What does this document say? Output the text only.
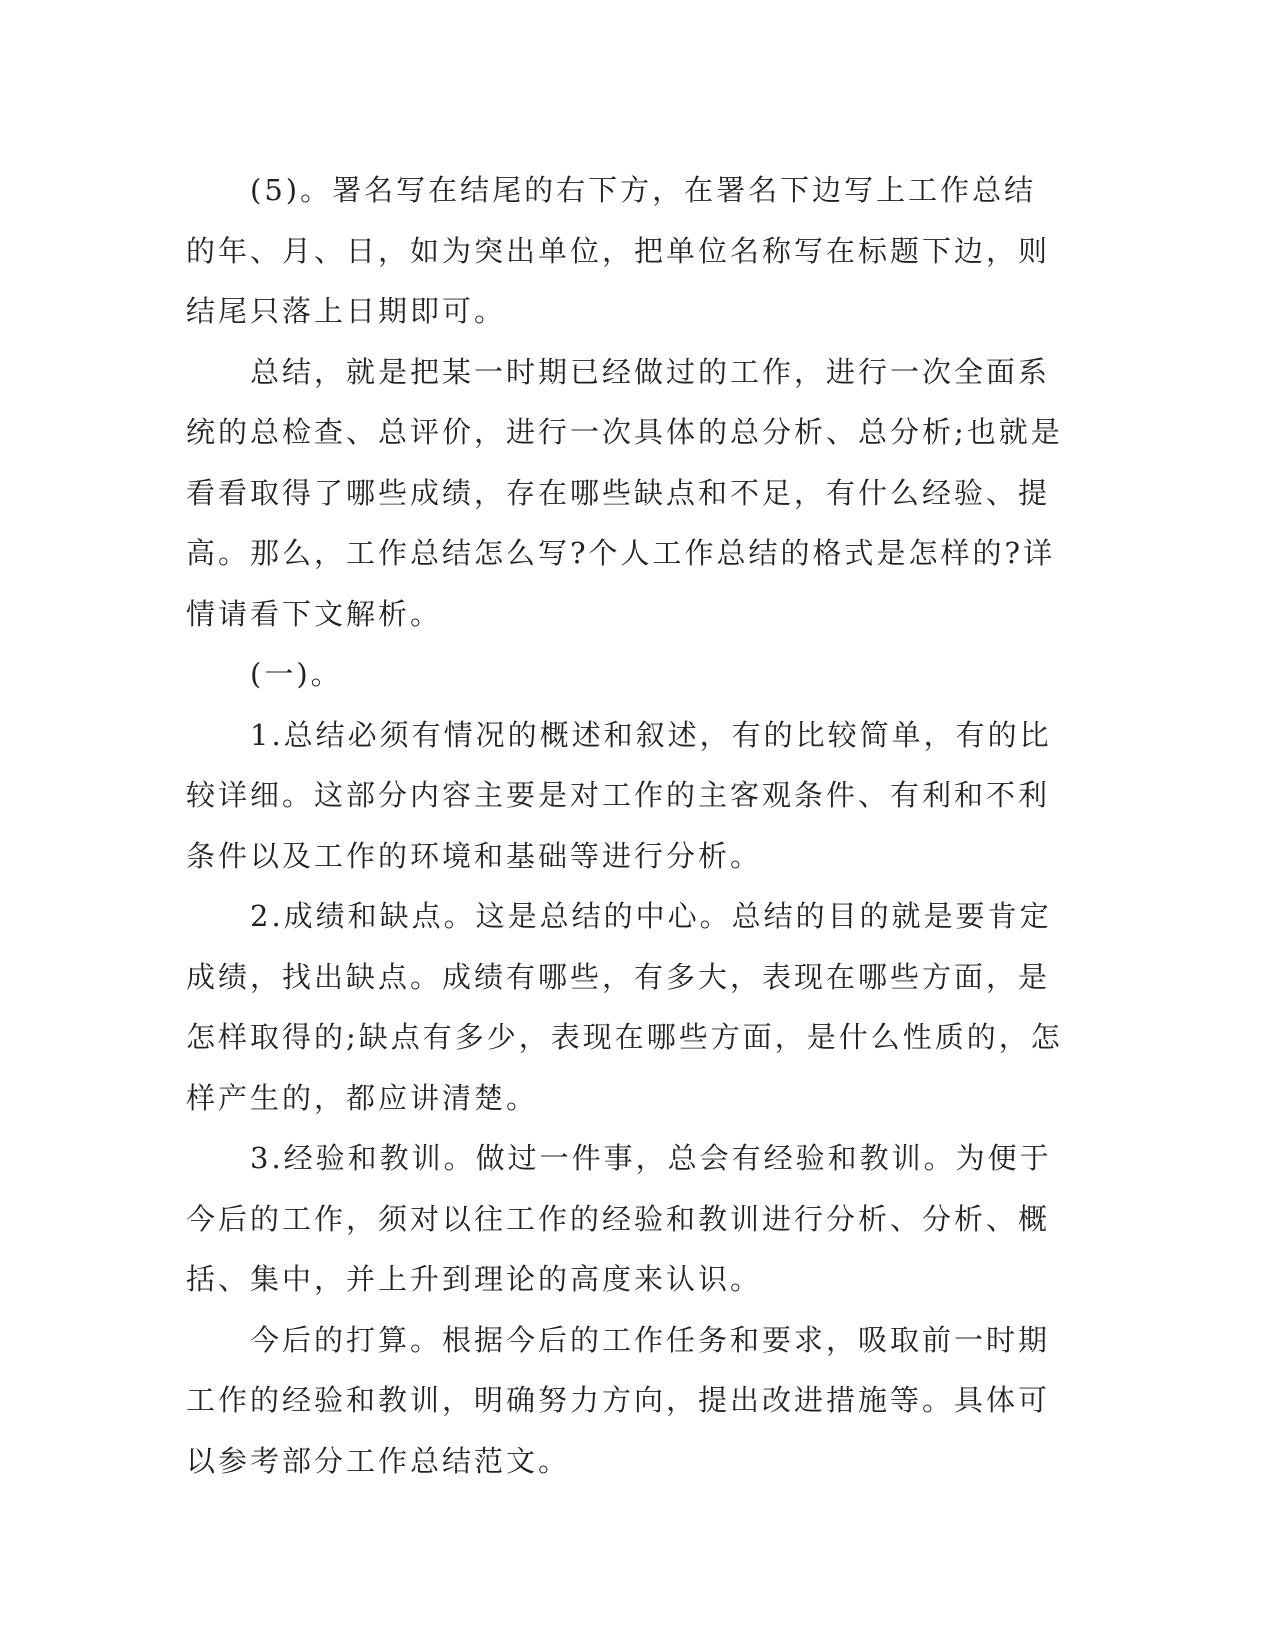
　　(5)。署名写在结尾的右下方，在署名下边写上工作总结的年、月、日，如为突出单位，把单位名称写在标题下边，则结尾只落上日期即可。

　　总结，就是把某一时期已经做过的工作，进行一次全面系统的总检查、总评价，进行一次具体的总分析、总分析;也就是看看取得了哪些成绩，存在哪些缺点和不足，有什么经验、提高。那么，工作总结怎么写?个人工作总结的格式是怎样的?详情请看下文解析。

　　(一)。

　　1.总结必须有情况的概述和叙述，有的比较简单，有的比较详细。这部分内容主要是对工作的主客观条件、有利和不利条件以及工作的环境和基础等进行分析。

　　2.成绩和缺点。这是总结的中心。总结的目的就是要肯定成绩，找出缺点。成绩有哪些，有多大，表现在哪些方面，是怎样取得的;缺点有多少，表现在哪些方面，是什么性质的，怎样产生的，都应讲清楚。

　　3.经验和教训。做过一件事，总会有经验和教训。为便于今后的工作，须对以往工作的经验和教训进行分析、分析、概括、集中，并上升到理论的高度来认识。

　　今后的打算。根据今后的工作任务和要求，吸取前一时期工作的经验和教训，明确努力方向，提出改进措施等。具体可以参考部分工作总结范文。
